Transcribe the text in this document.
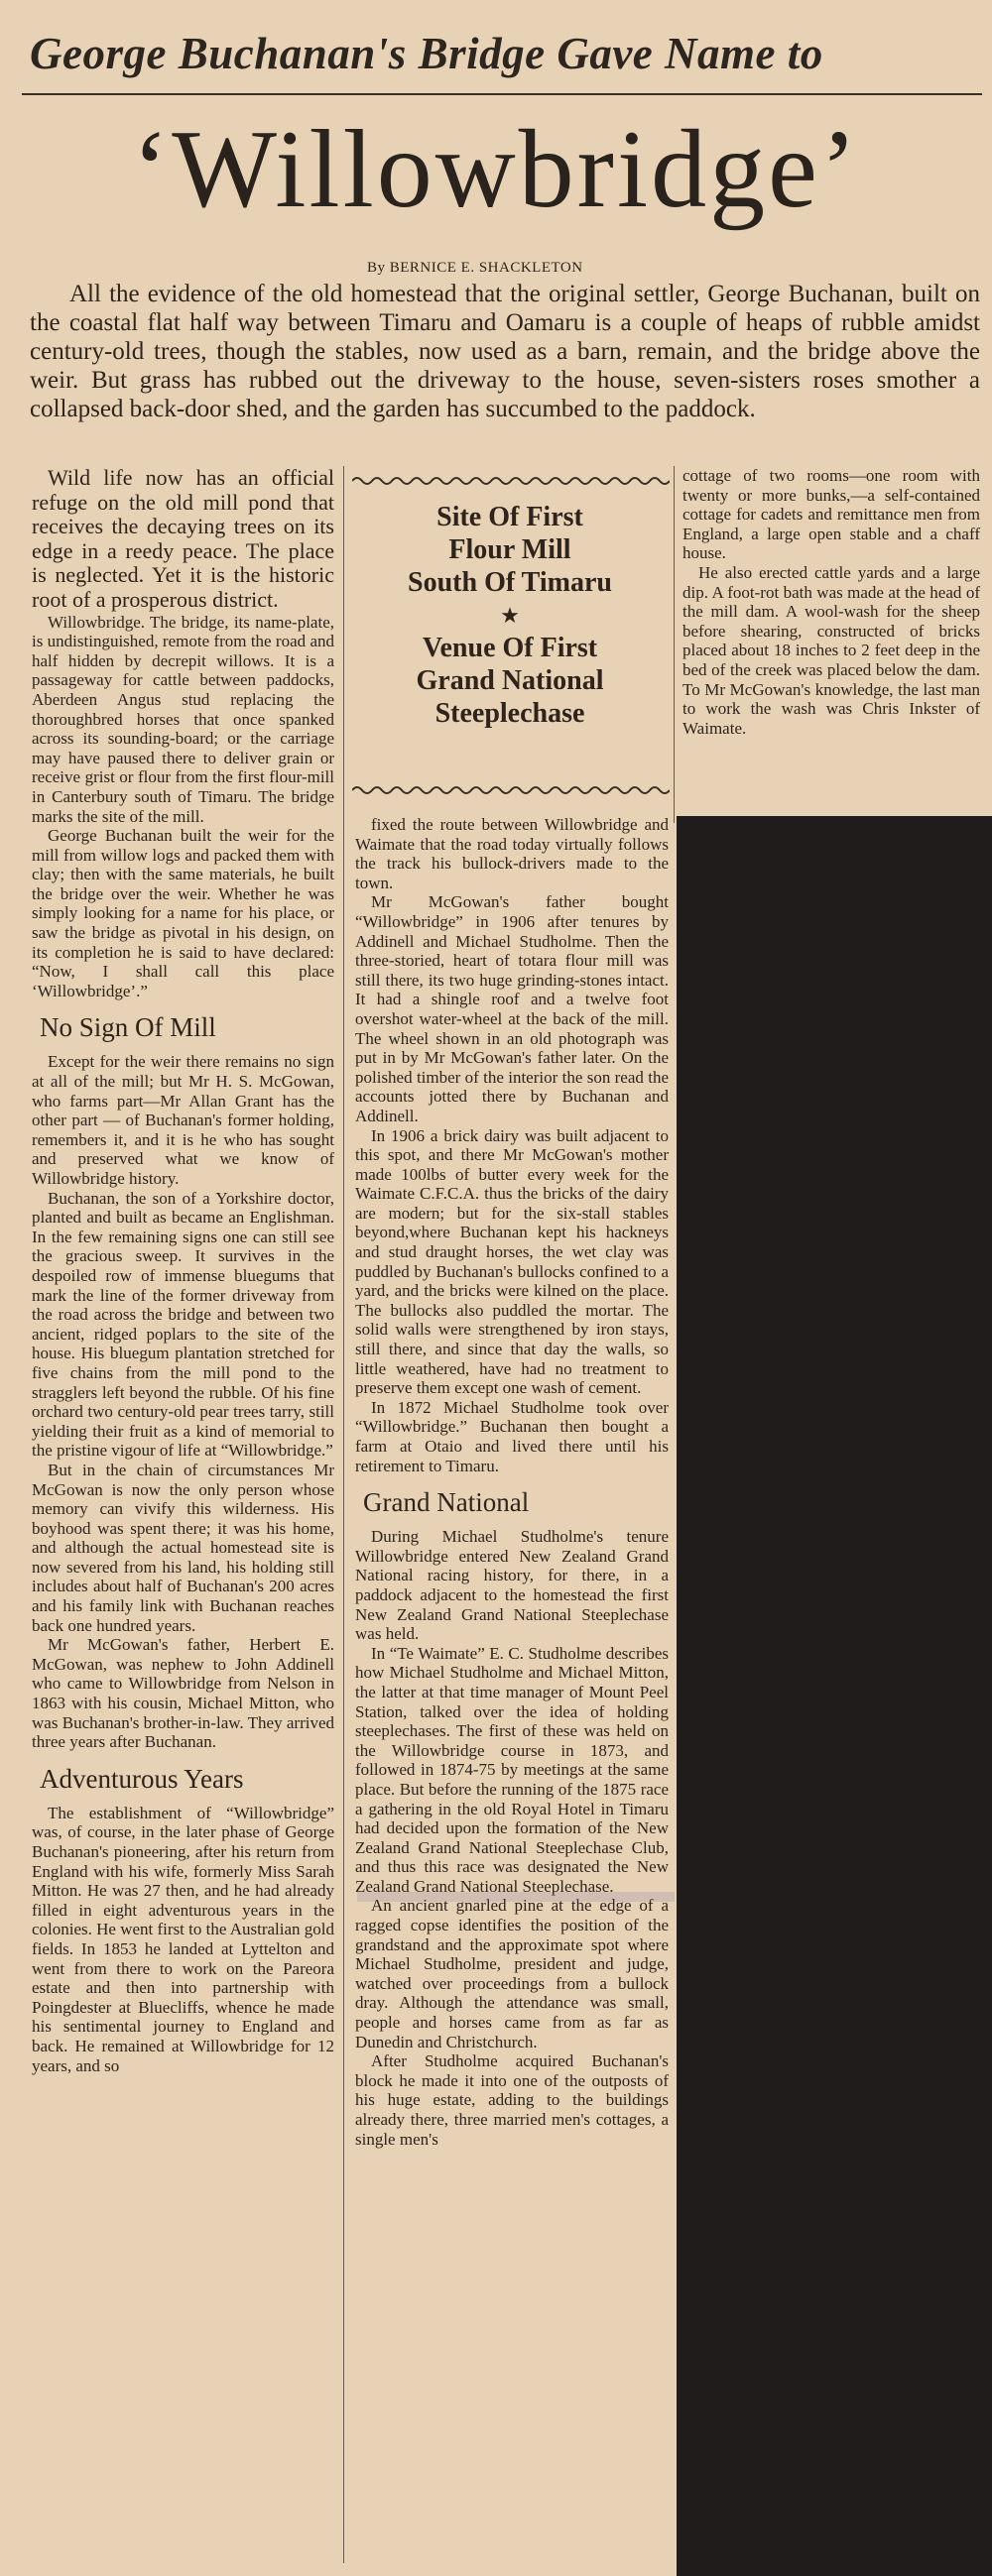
George Buchanan's Bridge Gave Name to
‘Willowbridge’
By BERNICE E. SHACKLETON
All the evidence of the old homestead that the original settler, George Buchanan, built on the coastal flat half way between Timaru and Oamaru is a couple of heaps of rubble amidst century-old trees, though the stables, now used as a barn, remain, and the bridge above the weir. But grass has rubbed out the driveway to the house, seven-sisters roses smother a collapsed back-door shed, and the garden has succumbed to the paddock.

Wild life now has an official refuge on the old mill pond that receives the decaying trees on its edge in a reedy peace. The place is neglected. Yet it is the historic root of a prosperous district.

Willowbridge. The bridge, its name-plate, is undistinguished, remote from the road and half hidden by decrepit willows. It is a passageway for cattle between paddocks, Aberdeen Angus stud replacing the thoroughbred horses that once spanked across its sounding-board; or the carriage may have paused there to deliver grain or receive grist or flour from the first flour-mill in Canterbury south of Timaru. The bridge marks the site of the mill.

George Buchanan built the weir for the mill from willow logs and packed them with clay; then with the same materials, he built the bridge over the weir. Whether he was simply looking for a name for his place, or saw the bridge as pivotal in his design, on its completion he is said to have declared: “Now, I shall call this place ‘Willowbridge’.”

No Sign Of Mill

Except for the weir there remains no sign at all of the mill; but Mr H. S. McGowan, who farms part—Mr Allan Grant has the other part — of Buchanan's former holding, remembers it, and it is he who has sought and preserved what we know of Willowbridge history.

Buchanan, the son of a Yorkshire doctor, planted and built as became an Englishman. In the few remaining signs one can still see the gracious sweep. It survives in the despoiled row of immense bluegums that mark the line of the former driveway from the road across the bridge and between two ancient, ridged poplars to the site of the house. His bluegum plantation stretched for five chains from the mill pond to the stragglers left beyond the rubble. Of his fine orchard two century-old pear trees tarry, still yielding their fruit as a kind of memorial to the pristine vigour of life at “Willowbridge.”

But in the chain of circumstances Mr McGowan is now the only person whose memory can vivify this wilderness. His boyhood was spent there; it was his home, and although the actual homestead site is now severed from his land, his holding still includes about half of Buchanan's 200 acres and his family link with Buchanan reaches back one hundred years.

Mr McGowan's father, Herbert E. McGowan, was nephew to John Addinell who came to Willowbridge from Nelson in 1863 with his cousin, Michael Mitton, who was Buchanan's brother-in-law. They arrived three years after Buchanan.

Adventurous Years

The establishment of “Willowbridge” was, of course, in the later phase of George Buchanan's pioneering, after his return from England with his wife, formerly Miss Sarah Mitton. He was 27 then, and he had already filled in eight adventurous years in the colonies. He went first to the Australian gold fields. In 1853 he landed at Lyttelton and went from there to work on the Pareora estate and then into partnership with Poingdester at Bluecliffs, whence he made his sentimental journey to England and back. He remained at Willowbridge for 12 years, and so

Site Of First
Flour Mill
South Of Timaru
★
Venue Of First
Grand National
Steeplechase

fixed the route between Willowbridge and Waimate that the road today virtually follows the track his bullock-drivers made to the town.

Mr McGowan's father bought “Willowbridge” in 1906 after tenures by Addinell and Michael Studholme. Then the three-storied, heart of totara flour mill was still there, its two huge grinding-stones intact. It had a shingle roof and a twelve foot overshot water-wheel at the back of the mill. The wheel shown in an old photograph was put in by Mr McGowan's father later. On the polished timber of the interior the son read the accounts jotted there by Buchanan and Addinell.

In 1906 a brick dairy was built adjacent to this spot, and there Mr McGowan's mother made 100lbs of butter every week for the Waimate C.F.C.A. thus the bricks of the dairy are modern; but for the six-stall stables beyond,where Buchanan kept his hackneys and stud draught horses, the wet clay was puddled by Buchanan's bullocks confined to a yard, and the bricks were kilned on the place. The bullocks also puddled the mortar. The solid walls were strengthened by iron stays, still there, and since that day the walls, so little weathered, have had no treatment to preserve them except one wash of cement.

In 1872 Michael Studholme took over “Willowbridge.” Buchanan then bought a farm at Otaio and lived there until his retirement to Timaru.

Grand National

During Michael Studholme's tenure Willowbridge entered New Zealand Grand National racing history, for there, in a paddock adjacent to the homestead the first New Zealand Grand National Steeplechase was held.

In “Te Waimate” E. C. Studholme describes how Michael Studholme and Michael Mitton, the latter at that time manager of Mount Peel Station, talked over the idea of holding steeplechases. The first of these was held on the Willowbridge course in 1873, and followed in 1874-75 by meetings at the same place. But before the running of the 1875 race a gathering in the old Royal Hotel in Timaru had decided upon the formation of the New Zealand Grand National Steeplechase Club, and thus this race was designated the New Zealand Grand National Steeplechase.

An ancient gnarled pine at the edge of a ragged copse identifies the position of the grandstand and the approximate spot where Michael Studholme, president and judge, watched over proceedings from a bullock dray. Although the attendance was small, people and horses came from as far as Dunedin and Christchurch.

After Studholme acquired Buchanan's block he made it into one of the outposts of his huge estate, adding to the buildings already there, three married men's cottages, a single men's

cottage of two rooms—one room with twenty or more bunks,—a self-contained cottage for cadets and remittance men from England, a large open stable and a chaff house.

He also erected cattle yards and a large dip. A foot-rot bath was made at the head of the mill dam. A wool-wash for the sheep before shearing, constructed of bricks placed about 18 inches to 2 feet deep in the bed of the creek was placed below the dam. To Mr McGowan's knowledge, the last man to work the wash was Chris Inkster of Waimate.
